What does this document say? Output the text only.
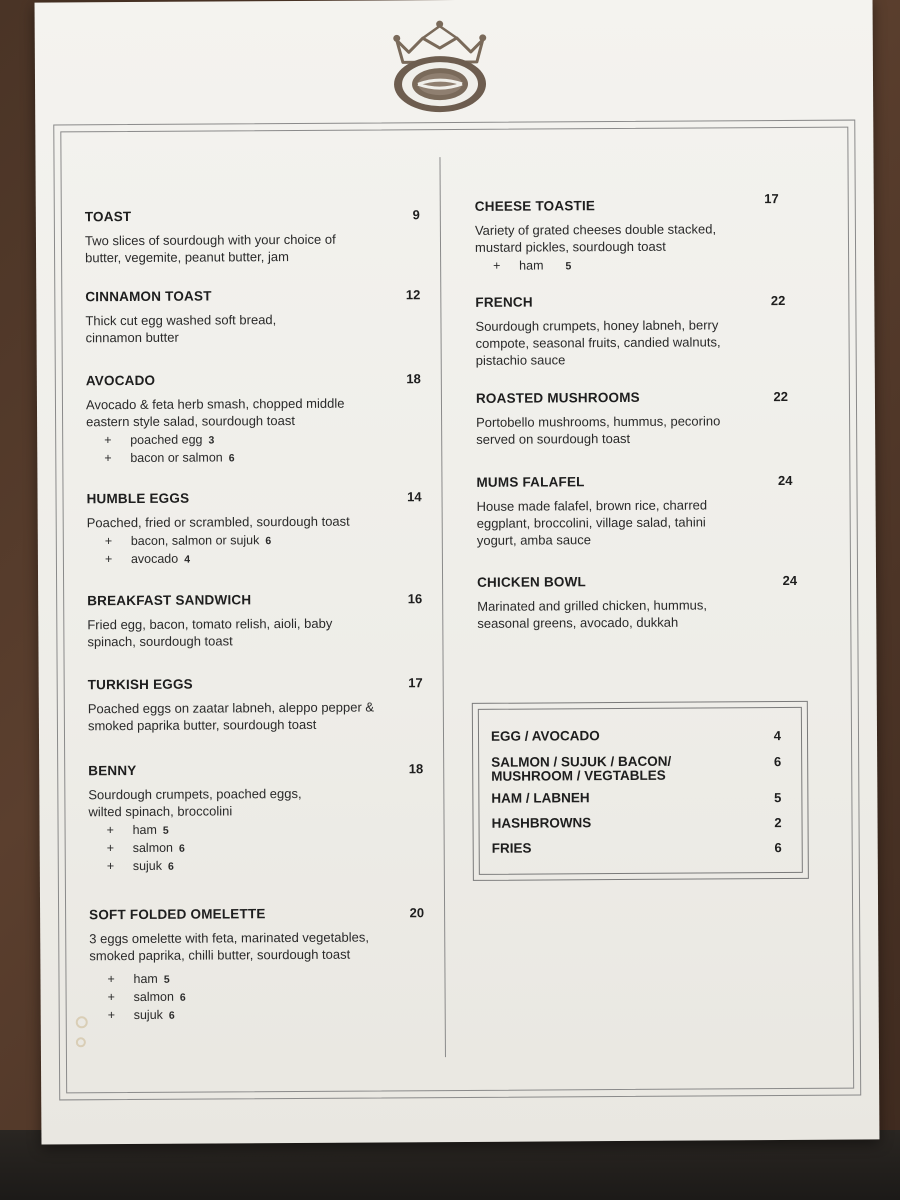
TOAST	9
Two slices of sourdough with your choice of butter, vegemite, peanut butter, jam
CINNAMON TOAST	12
Thick cut egg washed soft bread, cinnamon butter
AVOCADO	18
Avocado & feta herb smash, chopped middle eastern style salad, sourdough toast
+ poached egg 3
+ bacon or salmon 6
HUMBLE EGGS	14
Poached, fried or scrambled, sourdough toast
+ bacon, salmon or sujuk 6
+ avocado 4
BREAKFAST SANDWICH	16
Fried egg, bacon, tomato relish, aioli, baby spinach, sourdough toast
TURKISH EGGS	17
Poached eggs on zaatar labneh, aleppo pepper & smoked paprika butter, sourdough toast
BENNY	18
Sourdough crumpets, poached eggs, wilted spinach, broccolini
+ ham 5
+ salmon 6
+ sujuk 6
SOFT FOLDED OMELETTE	20
3 eggs omelette with feta, marinated vegetables, smoked paprika, chilli butter, sourdough toast
+ ham 5
+ salmon 6
+ sujuk 6
CHEESE TOASTIE	17
Variety of grated cheeses double stacked, mustard pickles, sourdough toast
+ ham 5
FRENCH	22
Sourdough crumpets, honey labneh, berry compote, seasonal fruits, candied walnuts, pistachio sauce
ROASTED MUSHROOMS	22
Portobello mushrooms, hummus, pecorino served on sourdough toast
MUMS FALAFEL	24
House made falafel, brown rice, charred eggplant, broccolini, village salad, tahini yogurt, amba sauce
CHICKEN BOWL	24
Marinated and grilled chicken, hummus, seasonal greens, avocado, dukkah
EGG / AVOCADO	4
SALMON / SUJUK / BACON/ MUSHROOM / VEGTABLES
6
HAM / LABNEH	5
HASHBROWNS	2
FRIES	6
